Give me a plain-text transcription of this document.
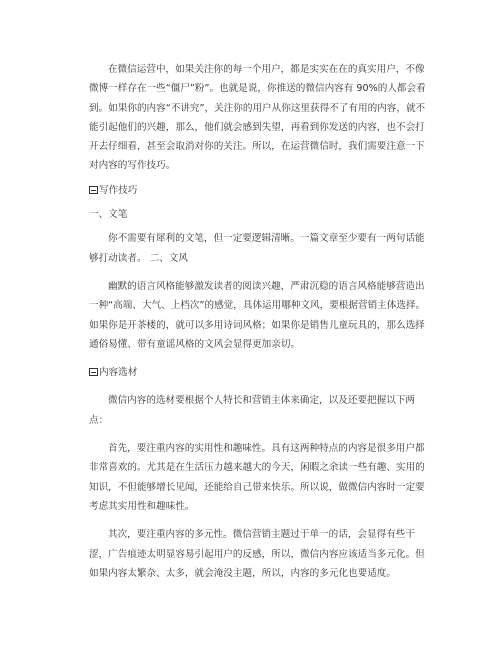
在微信运营中，如果关注你的每一个用户，都是实实在在的真实用户，不像微博一样存在一些“僵尸”粉”。也就是说，你推送的微信内容有 90%的人都会看到。如果你的内容“不讲究”，关注你的用户从你这里获得不了有用的内容，就不能引起他们的兴趣，那么，他们就会感到失望，再看到你发送的内容，也不会打开去仔细看，甚至会取消对你的关注。所以，在运营微信时，我们需要注意一下对内容的写作技巧。

写作技巧

一、文笔

你不需要有犀利的文笔，但一定要逻辑清晰。一篇文章至少要有一两句话能够打动读者。 二、文风

幽默的语言风格能够激发读者的阅读兴趣，严肃沉稳的语言风格能够营造出一种“高端、大气、上档次”的感觉，具体运用哪种文风，要根据营销主体选择。如果你是开茶楼的，就可以多用诗词风格；如果你是销售儿童玩具的，那么选择通俗易懂、带有童谣风格的文风会显得更加亲切。

内容选材

微信内容的选材要根据个人特长和营销主体来确定，以及还要把握以下两点：

首先，要注重内容的实用性和趣味性。具有这两种特点的内容是很多用户都非常喜欢的。尤其是在生活压力越来越大的今天，闲暇之余读一些有趣、实用的知识，不但能够增长见闻，还能给自己带来快乐。所以说，做微信内容时一定要考虑其实用性和趣味性。

其次，要注重内容的多元性。微信营销主题过于单一的话，会显得有些干涩，广告痕迹太明显容易引起用户的反感，所以，微信内容应该适当多元化。但如果内容太繁杂、太多，就会淹没主题，所以，内容的多元化也要适度。
